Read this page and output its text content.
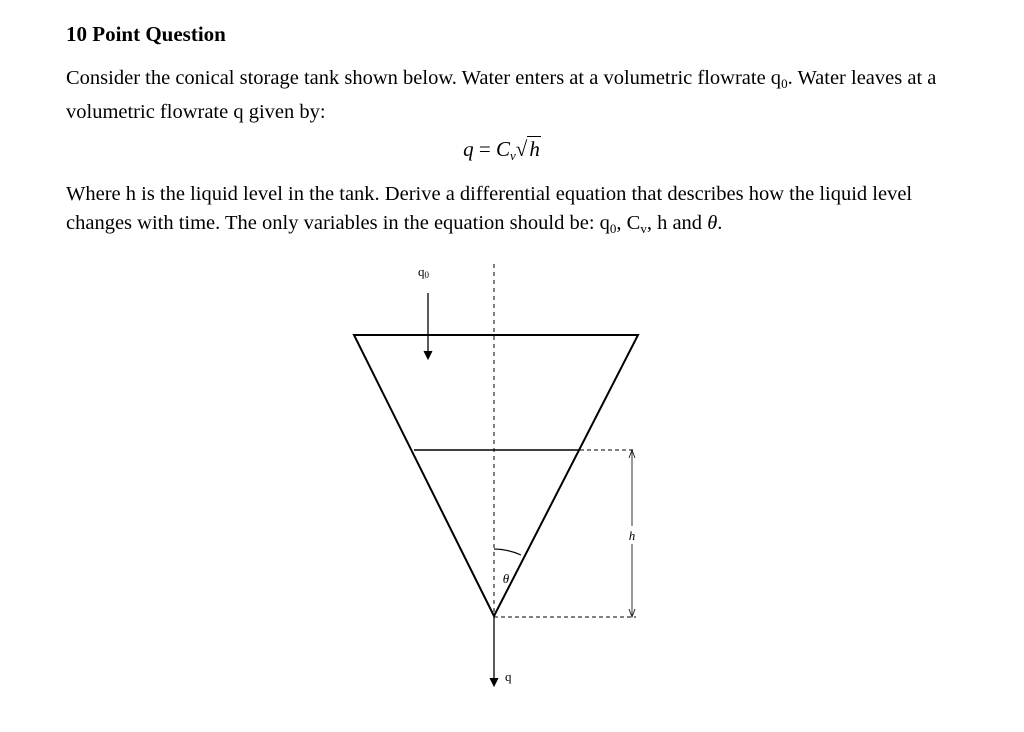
10 Point Question

Consider the conical storage tank shown below. Water enters at a volumetric flowrate q0. Water leaves at a volumetric flowrate q given by:

$q = C_v√h$

Where h is the liquid level in the tank. Derive a differential equation that describes how the liquid level changes with time. The only variables in the equation should be: q0, Cv, h and θ.

q0
q
h
θ
